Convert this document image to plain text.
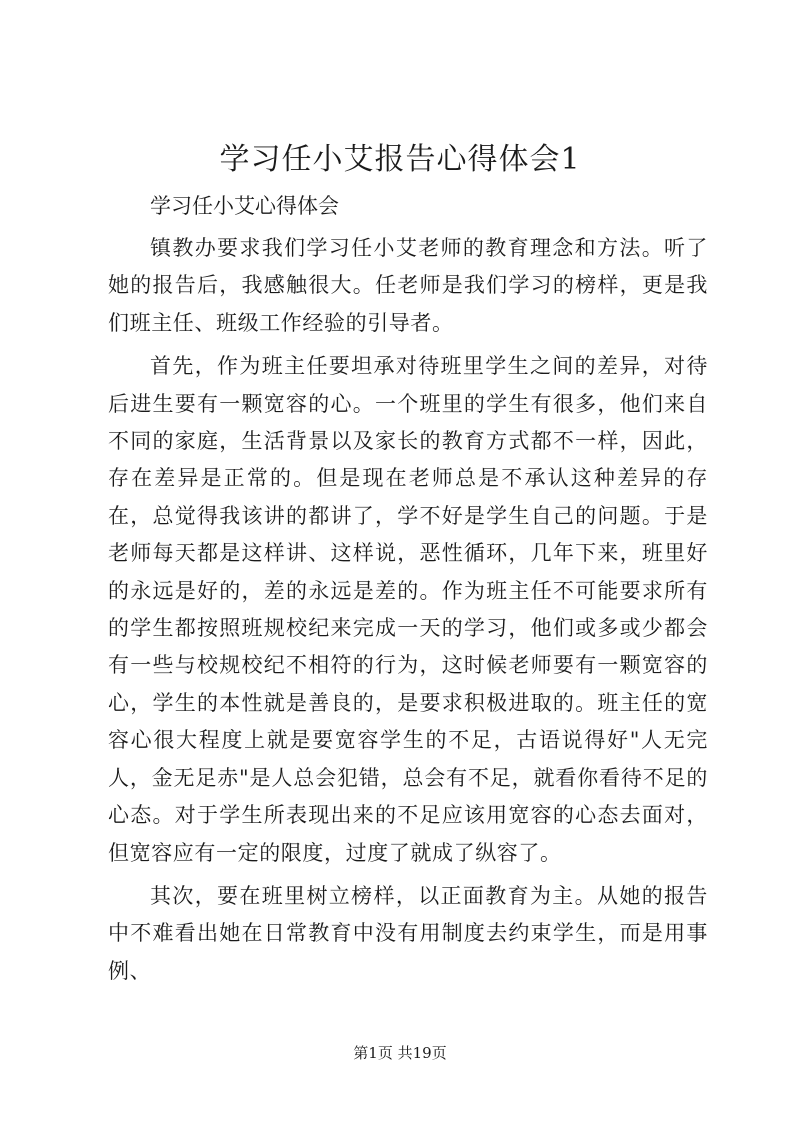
学习任小艾报告心得体会1

学习任小艾心得体会

镇教办要求我们学习任小艾老师的教育理念和方法。听了她的报告后，我感触很大。任老师是我们学习的榜样，更是我们班主任、班级工作经验的引导者。

首先，作为班主任要坦承对待班里学生之间的差异，对待后进生要有一颗宽容的心。一个班里的学生有很多，他们来自不同的家庭，生活背景以及家长的教育方式都不一样，因此，存在差异是正常的。但是现在老师总是不承认这种差异的存在，总觉得我该讲的都讲了，学不好是学生自己的问题。于是老师每天都是这样讲、这样说，恶性循环，几年下来，班里好的永远是好的，差的永远是差的。作为班主任不可能要求所有的学生都按照班规校纪来完成一天的学习，他们或多或少都会有一些与校规校纪不相符的行为，这时候老师要有一颗宽容的心，学生的本性就是善良的，是要求积极进取的。班主任的宽容心很大程度上就是要宽容学生的不足，古语说得好"人无完人，金无足赤"是人总会犯错，总会有不足，就看你看待不足的心态。对于学生所表现出来的不足应该用宽容的心态去面对，但宽容应有一定的限度，过度了就成了纵容了。

其次，要在班里树立榜样，以正面教育为主。从她的报告中不难看出她在日常教育中没有用制度去约束学生，而是用事例、

第1页 共19页
